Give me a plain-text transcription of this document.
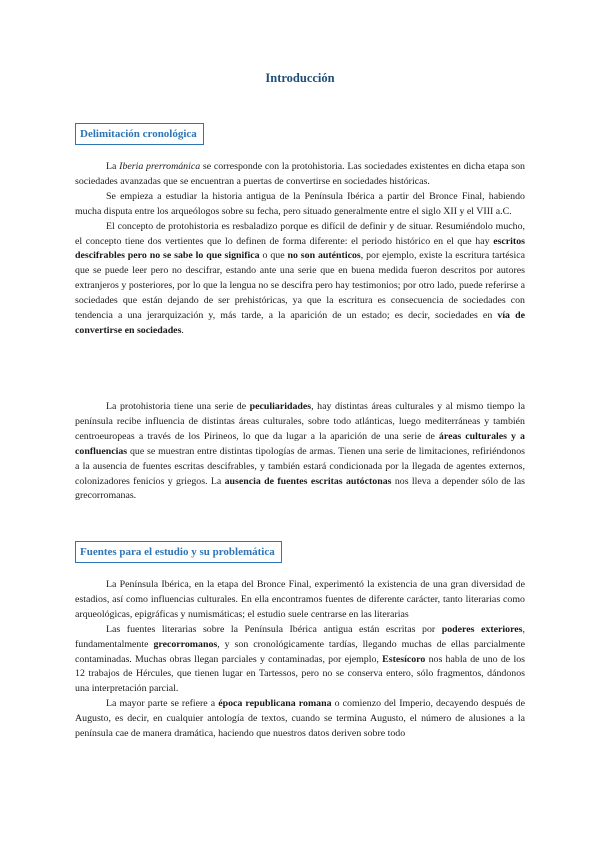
Introducción
Delimitación cronológica

La Iberia prerrománica se corresponde con la protohistoria. Las sociedades existentes en dicha etapa son sociedades avanzadas que se encuentran a puertas de convertirse en sociedades históricas.

Se empieza a estudiar la historia antigua de la Península Ibérica a partir del Bronce Final, habiendo mucha disputa entre los arqueólogos sobre su fecha, pero situado generalmente entre el siglo XII y el VIII a.C.

El concepto de protohistoria es resbaladizo porque es difícil de definir y de situar. Resumiéndolo mucho, el concepto tiene dos vertientes que lo definen de forma diferente: el periodo histórico en el que hay escritos descifrables pero no se sabe lo que significa o que no son auténticos, por ejemplo, existe la escritura tartésica que se puede leer pero no descifrar, estando ante una serie que en buena medida fueron descritos por autores extranjeros y posteriores, por lo que la lengua no se descifra pero hay testimonios; por otro lado, puede referirse a sociedades que están dejando de ser prehistóricas, ya que la escritura es consecuencia de sociedades con tendencia a una jerarquización y, más tarde, a la aparición de un estado; es decir, sociedades en vía de convertirse en sociedades.

La protohistoria tiene una serie de peculiaridades, hay distintas áreas culturales y al mismo tiempo la península recibe influencia de distintas áreas culturales, sobre todo atlánticas, luego mediterráneas y también centroeuropeas a través de los Pirineos, lo que da lugar a la aparición de una serie de áreas culturales y a confluencias que se muestran entre distintas tipologías de armas. Tienen una serie de limitaciones, refiriéndonos a la ausencia de fuentes escritas descifrables, y también estará condicionada por la llegada de agentes externos, colonizadores fenicios y griegos. La ausencia de fuentes escritas autóctonas nos lleva a depender sólo de las grecorromanas.

Fuentes para el estudio y su problemática

La Península Ibérica, en la etapa del Bronce Final, experimentó la existencia de una gran diversidad de estadios, así como influencias culturales. En ella encontramos fuentes de diferente carácter, tanto literarias como arqueológicas, epigráficas y numismáticas; el estudio suele centrarse en las literarias

Las fuentes literarias sobre la Península Ibérica antigua están escritas por poderes exteriores, fundamentalmente grecorromanos, y son cronológicamente tardías, llegando muchas de ellas parcialmente contaminadas. Muchas obras llegan parciales y contaminadas, por ejemplo, Estesícoro nos habla de uno de los 12 trabajos de Hércules, que tienen lugar en Tartessos, pero no se conserva entero, sólo fragmentos, dándonos una interpretación parcial.

La mayor parte se refiere a época republicana romana o comienzo del Imperio, decayendo después de Augusto, es decir, en cualquier antología de textos, cuando se termina Augusto, el número de alusiones a la península cae de manera dramática, haciendo que nuestros datos deriven sobre todo
